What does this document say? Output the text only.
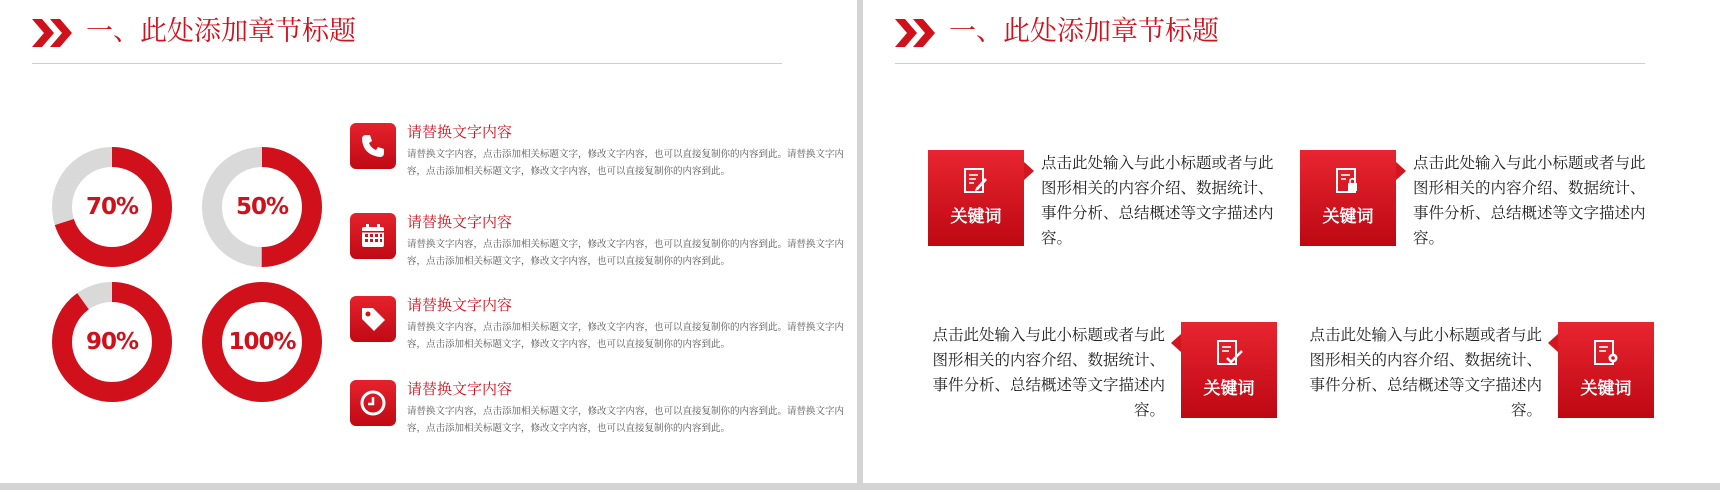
一、此处添加章节标题
70%	50%
90%	100%
请替换文字内容
请替换文字内容，点击添加相关标题文字，修改文字内容，也可以直接复制你的内容到此。请替换文字内容，点击添加相关标题文字，修改文字内容，也可以直接复制你的内容到此。
请替换文字内容
请替换文字内容，点击添加相关标题文字，修改文字内容，也可以直接复制你的内容到此。请替换文字内容，点击添加相关标题文字，修改文字内容，也可以直接复制你的内容到此。
请替换文字内容
请替换文字内容，点击添加相关标题文字，修改文字内容，也可以直接复制你的内容到此。请替换文字内容，点击添加相关标题文字，修改文字内容，也可以直接复制你的内容到此。
请替换文字内容
请替换文字内容，点击添加相关标题文字，修改文字内容，也可以直接复制你的内容到此。请替换文字内容，点击添加相关标题文字，修改文字内容，也可以直接复制你的内容到此。
一、此处添加章节标题
关键词
点击此处输入与此小标题或者与此图形相关的内容介绍、数据统计、事件分析、总结概述等文字描述内容。
关键词
点击此处输入与此小标题或者与此图形相关的内容介绍、数据统计、事件分析、总结概述等文字描述内容。
点击此处输入与此小标题或者与此图形相关的内容介绍、数据统计、事件分析、总结概述等文字描述内容。
关键词
点击此处输入与此小标题或者与此图形相关的内容介绍、数据统计、事件分析、总结概述等文字描述内容。
关键词
